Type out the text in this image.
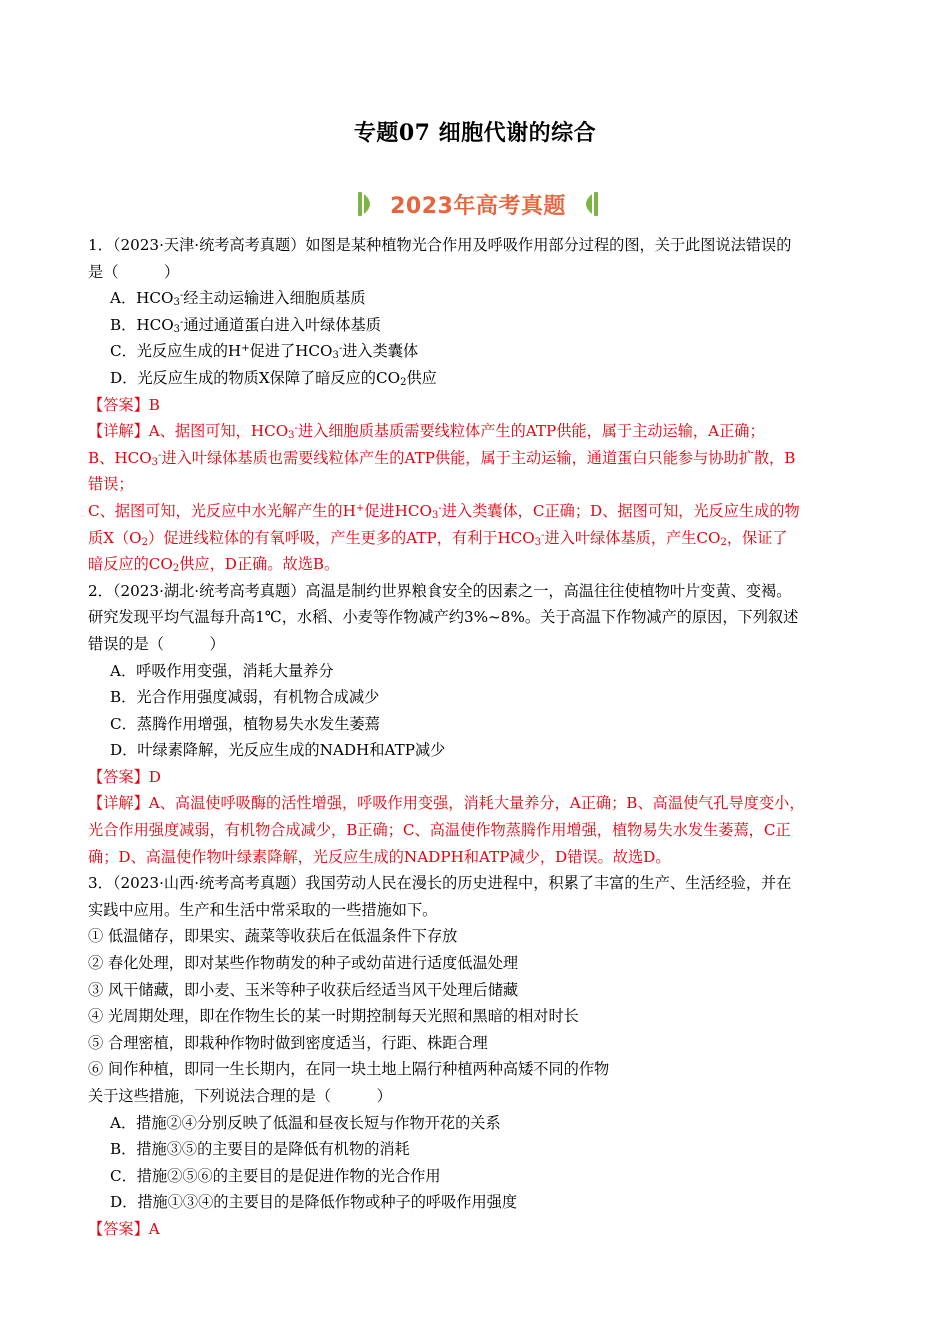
专题07 细胞代谢的综合
2023年高考真题
1．（2023·天津·统考高考真题）如图是某种植物光合作用及呼吸作用部分过程的图，关于此图说法错误的
是（　　　）
A．$HCO_3^-$经主动运输进入细胞质基质
B．$HCO_3^-$通过通道蛋白进入叶绿体基质
C．光反应生成的H+促进了$HCO_3^-$进入类囊体
D．光反应生成的物质X保障了暗反应的$CO_2$供应
【答案】B
【详解】A、据图可知，$HCO_3^-$进入细胞质基质需要线粒体产生的ATP供能，属于主动运输，A正确；
B、$HCO_3^-$进入叶绿体基质也需要线粒体产生的ATP供能，属于主动运输，通道蛋白只能参与协助扩散，B
错误；
C、据图可知，光反应中水光解产生的H+促进$HCO_3^-$进入类囊体，C正确；D、据图可知，光反应生成的物
质$X(O_2)$促进线粒体的有氧呼吸，产生更多的ATP，有利于$HCO_3^-$进入叶绿体基质，产生$CO_2$，保证了
暗反应的$CO_2$供应，D正确。故选B。
2．（2023·湖北·统考高考真题）高温是制约世界粮食安全的因素之一，高温往往使植物叶片变黄、变褐。
研究发现平均气温每升高1℃，水稻、小麦等作物减产约3%~8%。关于高温下作物减产的原因，下列叙述
错误的是（　　　）
A．呼吸作用变强，消耗大量养分
B．光合作用强度减弱，有机物合成减少
C．蒸腾作用增强，植物易失水发生萎蔫
D．叶绿素降解，光反应生成的NADH和ATP减少
【答案】D
【详解】A、高温使呼吸酶的活性增强，呼吸作用变强，消耗大量养分，A正确；B、高温使气孔导度变小，
光合作用强度减弱，有机物合成减少，B正确；C、高温使作物蒸腾作用增强，植物易失水发生萎蔫，C正
确；D、高温使作物叶绿素降解，光反应生成的NADPH和ATP减少，D错误。故选D。
3．（2023·山西·统考高考真题）我国劳动人民在漫长的历史进程中，积累了丰富的生产、生活经验，并在
实践中应用。生产和生活中常采取的一些措施如下。
① 低温储存，即果实、蔬菜等收获后在低温条件下存放
② 春化处理，即对某些作物萌发的种子或幼苗进行适度低温处理
③ 风干储藏，即小麦、玉米等种子收获后经适当风干处理后储藏
④ 光周期处理，即在作物生长的某一时期控制每天光照和黑暗的相对时长
⑤ 合理密植，即栽种作物时做到密度适当，行距、株距合理
⑥ 间作种植，即同一生长期内，在同一块土地上隔行种植两种高矮不同的作物
关于这些措施，下列说法合理的是（　　　）
A．措施②④分别反映了低温和昼夜长短与作物开花的关系
B．措施③⑤的主要目的是降低有机物的消耗
C．措施②⑤⑥的主要目的是促进作物的光合作用
D．措施①③④的主要目的是降低作物或种子的呼吸作用强度
【答案】A
